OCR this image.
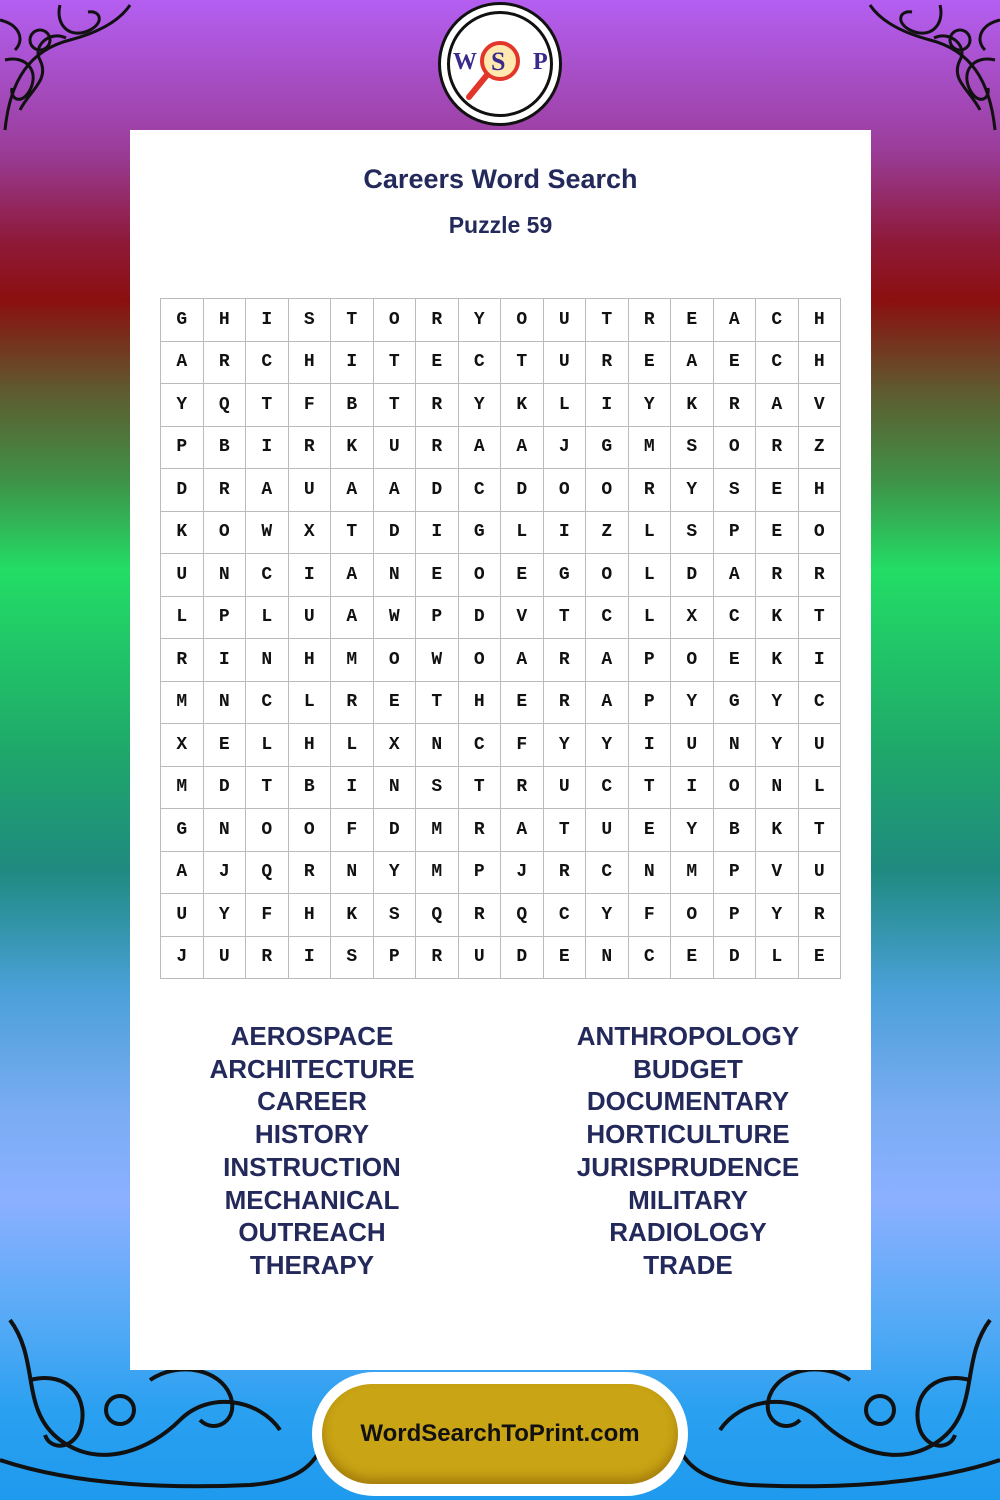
W S P
Careers Word Search
Puzzle 59
G	H	I	S	T	O	R	Y	O	U	T	R	E	A	C	H
A	R	C	H	I	T	E	C	T	U	R	E	A	E	C	H
Y	Q	T	F	B	T	R	Y	K	L	I	Y	K	R	A	V
P	B	I	R	K	U	R	A	A	J	G	M	S	O	R	Z
D	R	A	U	A	A	D	C	D	O	O	R	Y	S	E	H
K	O	W	X	T	D	I	G	L	I	Z	L	S	P	E	O
U	N	C	I	A	N	E	O	E	G	O	L	D	A	R	R
L	P	L	U	A	W	P	D	V	T	C	L	X	C	K	T
R	I	N	H	M	O	W	O	A	R	A	P	O	E	K	I
M	N	C	L	R	E	T	H	E	R	A	P	Y	G	Y	C
X	E	L	H	L	X	N	C	F	Y	Y	I	U	N	Y	U
M	D	T	B	I	N	S	T	R	U	C	T	I	O	N	L
G	N	O	O	F	D	M	R	A	T	U	E	Y	B	K	T
A	J	Q	R	N	Y	M	P	J	R	C	N	M	P	V	U
U	Y	F	H	K	S	Q	R	Q	C	Y	F	O	P	Y	R
J	U	R	I	S	P	R	U	D	E	N	C	E	D	L	E
AEROSPACE
ARCHITECTURE
CAREER
HISTORY
INSTRUCTION
MECHANICAL
OUTREACH
THERAPY
ANTHROPOLOGY
BUDGET
DOCUMENTARY
HORTICULTURE
JURISPRUDENCE
MILITARY
RADIOLOGY
TRADE
WordSearchToPrint.com
